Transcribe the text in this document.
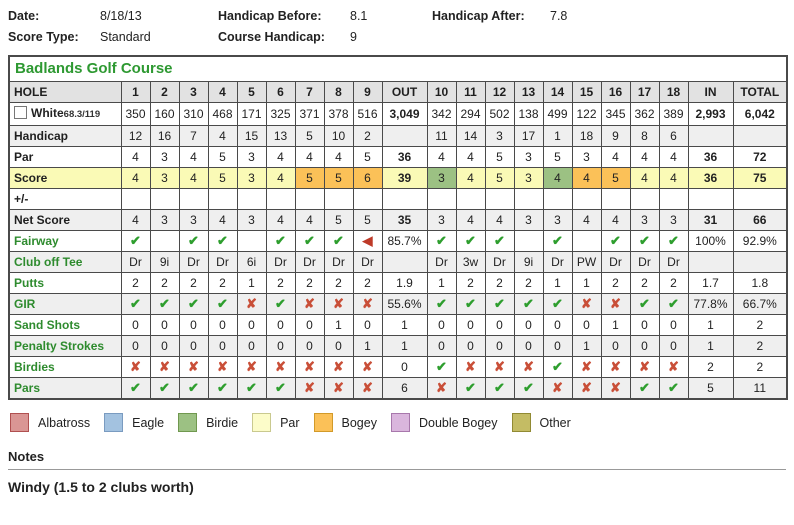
Date:	8/18/13	Handicap Before:	8.1	Handicap After:	7.8
Score Type:	Standard	Course Handicap:	9
Badlands Golf Course																					
HOLE	1	2	3	4	5	6	7	8	9	OUT	10	11	12	13	14	15	16	17	18	IN	TOTAL
White68.3/119	350	160	310	468	171	325	371	378	516	3,049	342	294	502	138	499	122	345	362	389	2,993	6,042
Handicap	12	16	7	4	15	13	5	10	2		11	14	3	17	1	18	9	8	6		
Par	4	3	4	5	3	4	4	4	5	36	4	4	5	3	5	3	4	4	4	36	72
Score	4	3	4	5	3	4	5	5	6	39	3	4	5	3	4	4	5	4	4	36	75
+/-																					
Net Score	4	3	3	4	3	4	4	5	5	35	3	4	4	3	3	4	4	3	3	31	66
Fairway	✔		✔	✔		✔	✔	✔	◀	85.7%	✔	✔	✔		✔		✔	✔	✔	100%	92.9%
Club off Tee	Dr	9i	Dr	Dr	6i	Dr	Dr	Dr	Dr		Dr	3w	Dr	9i	Dr	PW	Dr	Dr	Dr		
Putts	2	2	2	2	1	2	2	2	2	1.9	1	2	2	2	1	1	2	2	2	1.7	1.8
GIR	✔	✔	✔	✔	✘	✔	✘	✘	✘	55.6%	✔	✔	✔	✔	✔	✘	✘	✔	✔	77.8%	66.7%
Sand Shots	0	0	0	0	0	0	0	1	0	1	0	0	0	0	0	0	1	0	0	1	2
Penalty Strokes	0	0	0	0	0	0	0	0	1	1	0	0	0	0	0	1	0	0	0	1	2
Birdies	✘	✘	✘	✘	✘	✘	✘	✘	✘	0	✔	✘	✘	✘	✔	✘	✘	✘	✘	2	2
Pars	✔	✔	✔	✔	✔	✔	✘	✘	✘	6	✘	✔	✔	✔	✘	✘	✘	✔	✔	5	11
Albatross	Eagle	Birdie	Par	Bogey	Double Bogey	Other
Notes
Windy (1.5 to 2 clubs worth)
